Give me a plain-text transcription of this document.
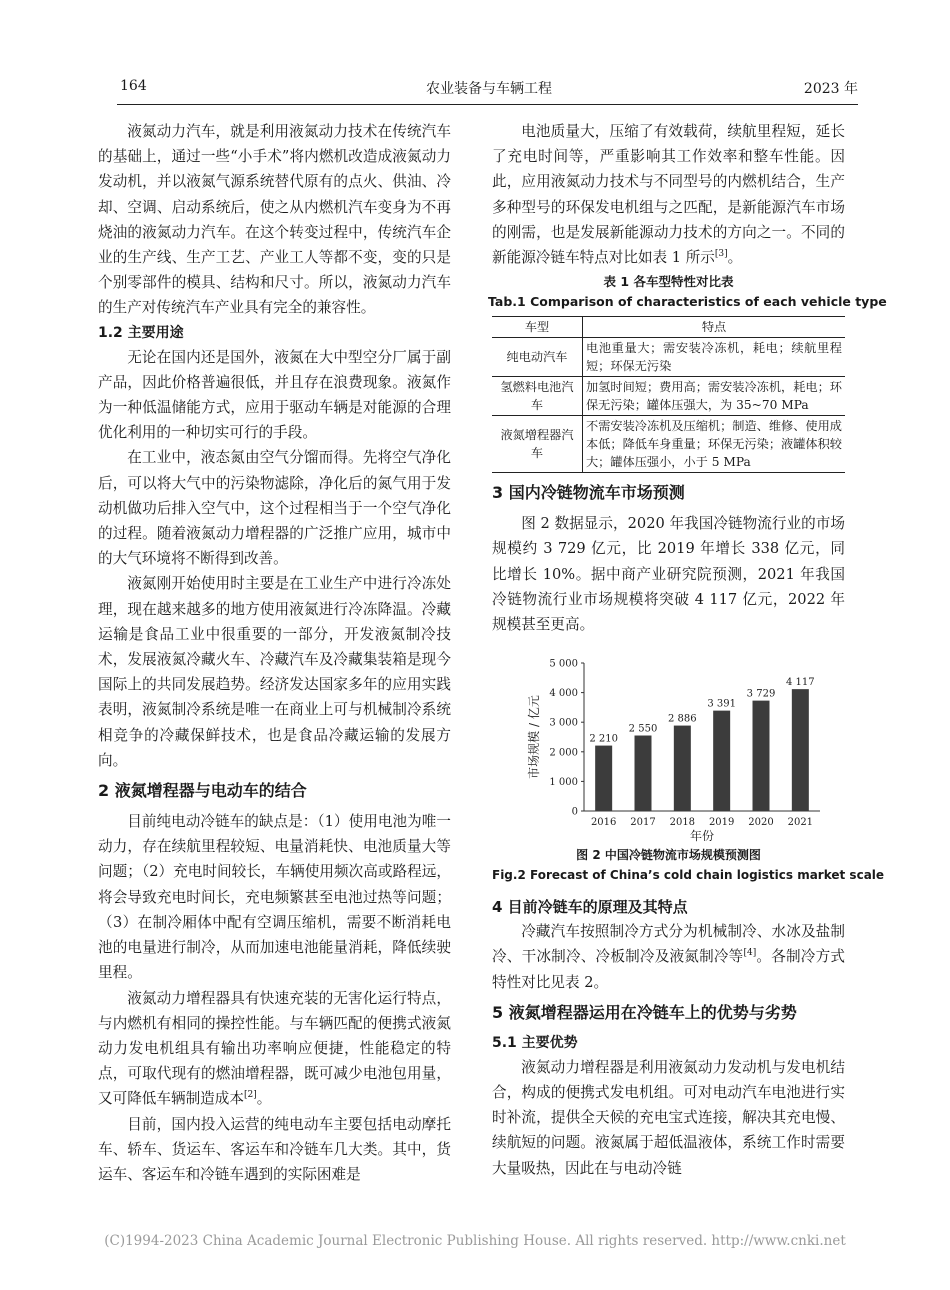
164	农业装备与车辆工程	2023 年

液氮动力汽车，就是利用液氮动力技术在传统汽车的基础上，通过一些“小手术”将内燃机改造成液氮动力发动机，并以液氮气源系统替代原有的点火、供油、冷却、空调、启动系统后，使之从内燃机汽车变身为不再烧油的液氮动力汽车。在这个转变过程中，传统汽车企业的生产线、生产工艺、产业工人等都不变，变的只是个别零部件的模具、结构和尺寸。所以，液氮动力汽车的生产对传统汽车产业具有完全的兼容性。

1.2 主要用途

无论在国内还是国外，液氮在大中型空分厂属于副产品，因此价格普遍很低，并且存在浪费现象。液氮作为一种低温储能方式，应用于驱动车辆是对能源的合理优化利用的一种切实可行的手段。

在工业中，液态氮由空气分馏而得。先将空气净化后，可以将大气中的污染物滤除，净化后的氮气用于发动机做功后排入空气中，这个过程相当于一个空气净化的过程。随着液氮动力增程器的广泛推广应用，城市中的大气环境将不断得到改善。

液氮刚开始使用时主要是在工业生产中进行冷冻处理，现在越来越多的地方使用液氮进行冷冻降温。冷藏运输是食品工业中很重要的一部分，开发液氮制冷技术，发展液氮冷藏火车、冷藏汽车及冷藏集装箱是现今国际上的共同发展趋势。经济发达国家多年的应用实践表明，液氮制冷系统是唯一在商业上可与机械制冷系统相竞争的冷藏保鲜技术，也是食品冷藏运输的发展方向。

2 液氮增程器与电动车的结合

目前纯电动冷链车的缺点是：（1）使用电池为唯一动力，存在续航里程较短、电量消耗快、电池质量大等问题；（2）充电时间较长，车辆使用频次高或路程远，将会导致充电时间长，充电频繁甚至电池过热等问题；（3）在制冷厢体中配有空调压缩机，需要不断消耗电池的电量进行制冷，从而加速电池能量消耗，降低续驶里程。

液氮动力增程器具有快速充装的无害化运行特点，与内燃机有相同的操控性能。与车辆匹配的便携式液氮动力发电机组具有输出功率响应便捷，性能稳定的特点，可取代现有的燃油增程器，既可减少电池包用量，又可降低车辆制造成本[2]。

目前，国内投入运营的纯电动车主要包括电动摩托车、轿车、货运车、客运车和冷链车几大类。其中，货运车、客运车和冷链车遇到的实际困难是

电池质量大，压缩了有效载荷，续航里程短，延长了充电时间等，严重影响其工作效率和整车性能。因此，应用液氮动力技术与不同型号的内燃机结合，生产多种型号的环保发电机组与之匹配，是新能源汽车市场的刚需，也是发展新能源动力技术的方向之一。不同的新能源冷链车特点对比如表 1 所示[3]。

表 1 各车型特性对比表
Tab.1 Comparison of characteristics of each vehicle type
车型	特点
纯电动汽车	电池重量大；需安装冷冻机，耗电；续航里程短；环保无污染
氢燃料电池汽车	加氢时间短；费用高；需安装冷冻机，耗电；环保无污染；罐体压强大，为 35~70 MPa
液氮增程器汽车	不需安装冷冻机及压缩机；制造、维修、使用成本低；降低车身重量；环保无污染；液罐体积较大；罐体压强小，小于 5 MPa
3 国内冷链物流车市场预测

图 2 数据显示，2020 年我国冷链物流行业的市场规模约 3 729 亿元，比 2019 年增长 338 亿元，同比增长 10%。据中商产业研究院预测，2021 年我国冷链物流行业市场规模将突破 4 117 亿元，2022 年规模甚至更高。

0
1 000
2 000
3 000
4 000
5 000
2 210
2016
2 550
2017
2 886
2018
3 391
2019
3 729
2020
4 117
2021
年份
市场规模 / 亿元
图 2 中国冷链物流市场规模预测图
Fig.2 Forecast of China’s cold chain logistics market scale
4 目前冷链车的原理及其特点

冷藏汽车按照制冷方式分为机械制冷、水冰及盐制冷、干冰制冷、冷板制冷及液氮制冷等[4]。各制冷方式特性对比见表 2。

5 液氮增程器运用在冷链车上的优势与劣势
5.1 主要优势

液氮动力增程器是利用液氮动力发动机与发电机结合，构成的便携式发电机组。可对电动汽车电池进行实时补流，提供全天候的充电宝式连接，解决其充电慢、续航短的问题。液氮属于超低温液体，系统工作时需要大量吸热，因此在与电动冷链

(C)1994-2023 China Academic Journal Electronic Publishing House. All rights reserved. http://www.cnki.net
